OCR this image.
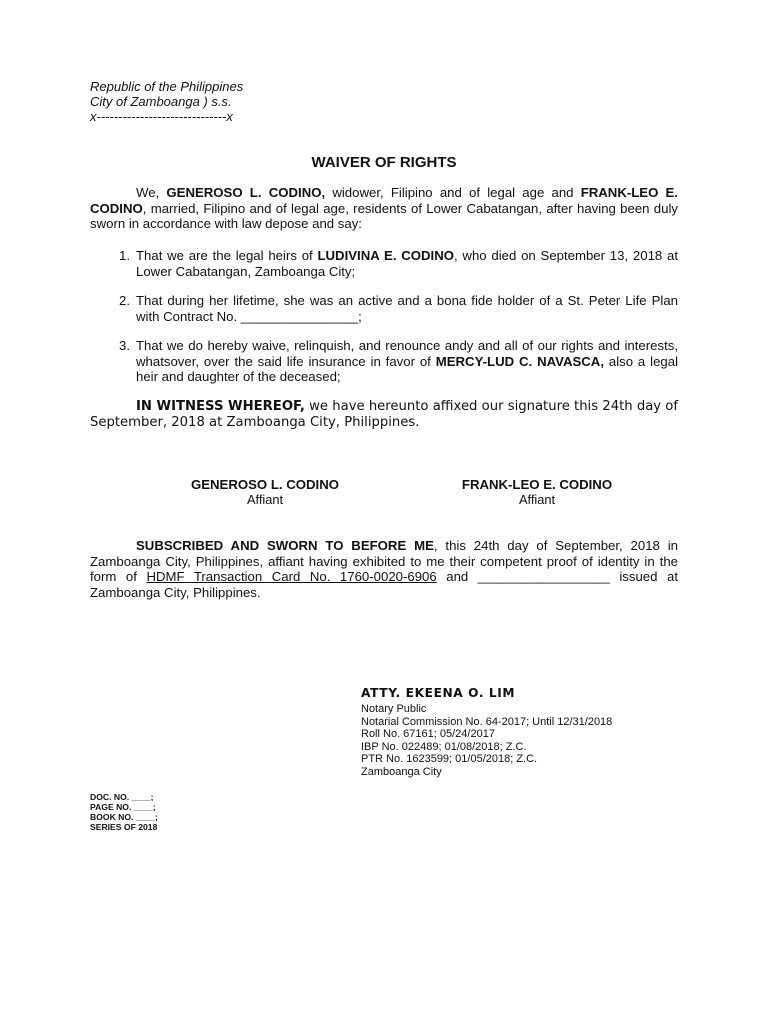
Republic of the Philippines
City of Zamboanga ) s.s.
x------------------------------x
WAIVER OF RIGHTS
We, GENEROSO L. CODINO, widower, Filipino and of legal age and FRANK-LEO E. CODINO, married, Filipino and of legal age, residents of Lower Cabatangan, after having been duly sworn in accordance with law depose and say:
1. That we are the legal heirs of LUDIVINA E. CODINO, who died on September 13, 2018 at Lower Cabatangan, Zamboanga City;
2. That during her lifetime, she was an active and a bona fide holder of a St. Peter Life Plan with Contract No. ________________;
3. That we do hereby waive, relinquish, and renounce andy and all of our rights and interests, whatsover, over the said life insurance in favor of MERCY-LUD C. NAVASCA, also a legal heir and daughter of the deceased;
IN WITNESS WHEREOF, we have hereunto affixed our signature this 24th day of September, 2018 at Zamboanga City, Philippines.
GENEROSO L. CODINO
Affiant
FRANK-LEO E. CODINO
Affiant
SUBSCRIBED AND SWORN TO BEFORE ME, this 24th day of September, 2018 in Zamboanga City, Philippines, affiant having exhibited to me their competent proof of identity in the form of HDMF Transaction Card No. 1760-0020-6906 and __________________ issued at Zamboanga City, Philippines.
ATTY. EKEENA O. LIM
Notary Public
Notarial Commission No. 64-2017; Until 12/31/2018
Roll No. 67161; 05/24/2017
IBP No. 022489; 01/08/2018; Z.C.
PTR No. 1623599; 01/05/2018; Z.C.
Zamboanga City
DOC. NO. ____;
PAGE NO. ____;
BOOK NO. ____;
SERIES OF 2018
